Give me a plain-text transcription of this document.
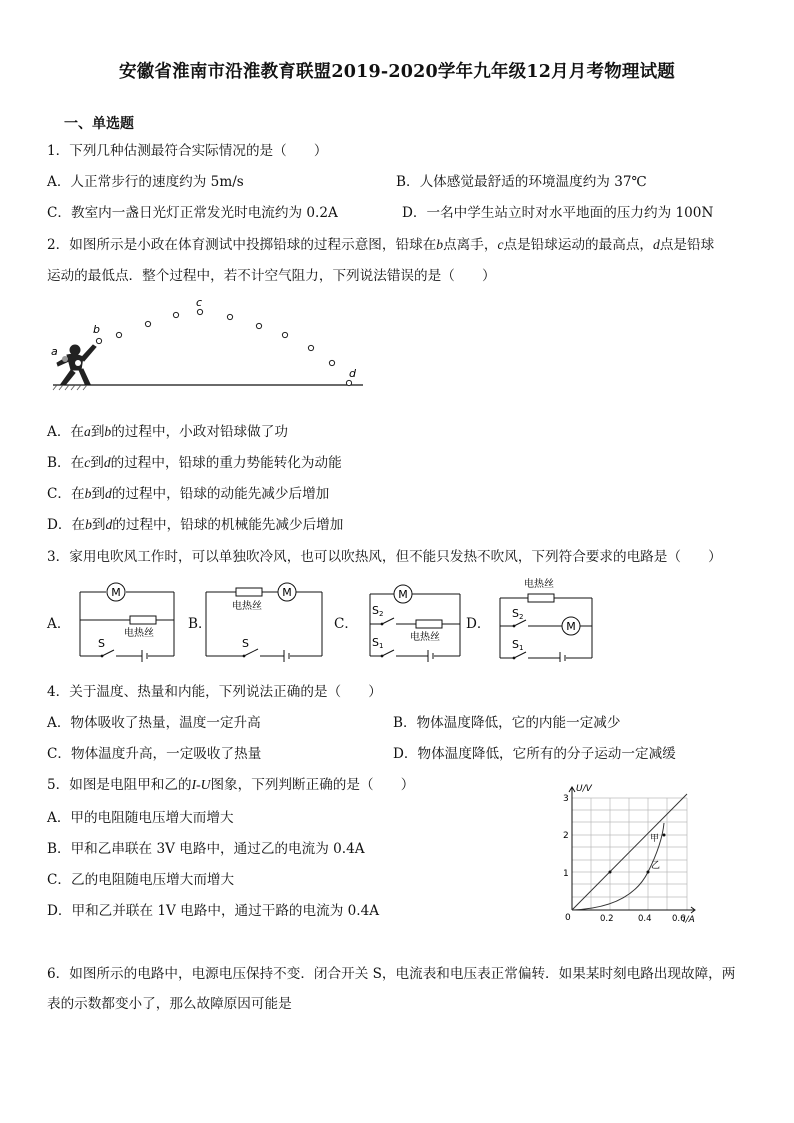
安徽省淮南市沿淮教育联盟2019-2020学年九年级12月月考物理试题
一、单选题
1．下列几种估测最符合实际情况的是（　　）
A．人正常步行的速度约为 5m/s	B．人体感觉最舒适的环境温度约为 37℃
C．教室内一盏日光灯正常发光时电流约为 0.2A	D．一名中学生站立时对水平地面的压力约为 100N
2．如图所示是小政在体育测试中投掷铅球的过程示意图，铅球在b点离手，c点是铅球运动的最高点，d点是铅球
运动的最低点．整个过程中，若不计空气阻力，下列说法错误的是（　　）
a
b
c
d
A．在a到b的过程中，小政对铅球做了功
B．在c到d的过程中，铅球的重力势能转化为动能
C．在b到d的过程中，铅球的动能先减少后增加
D．在b到d的过程中，铅球的机械能先减少后增加
3．家用电吹风工作时，可以单独吹冷风，也可以吹热风，但不能只发热不吹风，下列符合要求的电路是（　　）
A．	B．	C．	D．
M
S
电热丝
M
电热丝
S
M
S2
S1
电热丝
电热丝
M
S2
S1
4．关于温度、热量和内能，下列说法正确的是（　　）
A．物体吸收了热量，温度一定升高	B．物体温度降低，它的内能一定减少
C．物体温度升高，一定吸收了热量	D．物体温度降低，它所有的分子运动一定减缓
5．如图是电阻甲和乙的I-U图象，下列判断正确的是（　　）
A．甲的电阻随电压增大而增大
B．甲和乙串联在 3V 电路中，通过乙的电流为 0.4A
C．乙的电阻随电压增大而增大
D．甲和乙并联在 1V 电路中，通过干路的电流为 0.4A
U/V
I/A
1
2
3
0.2	0.4 0.6
0
甲
乙
6．如图所示的电路中，电源电压保持不变．闭合开关 S，电流表和电压表正常偏转．如果某时刻电路出现故障，两
表的示数都变小了，那么故障原因可能是
